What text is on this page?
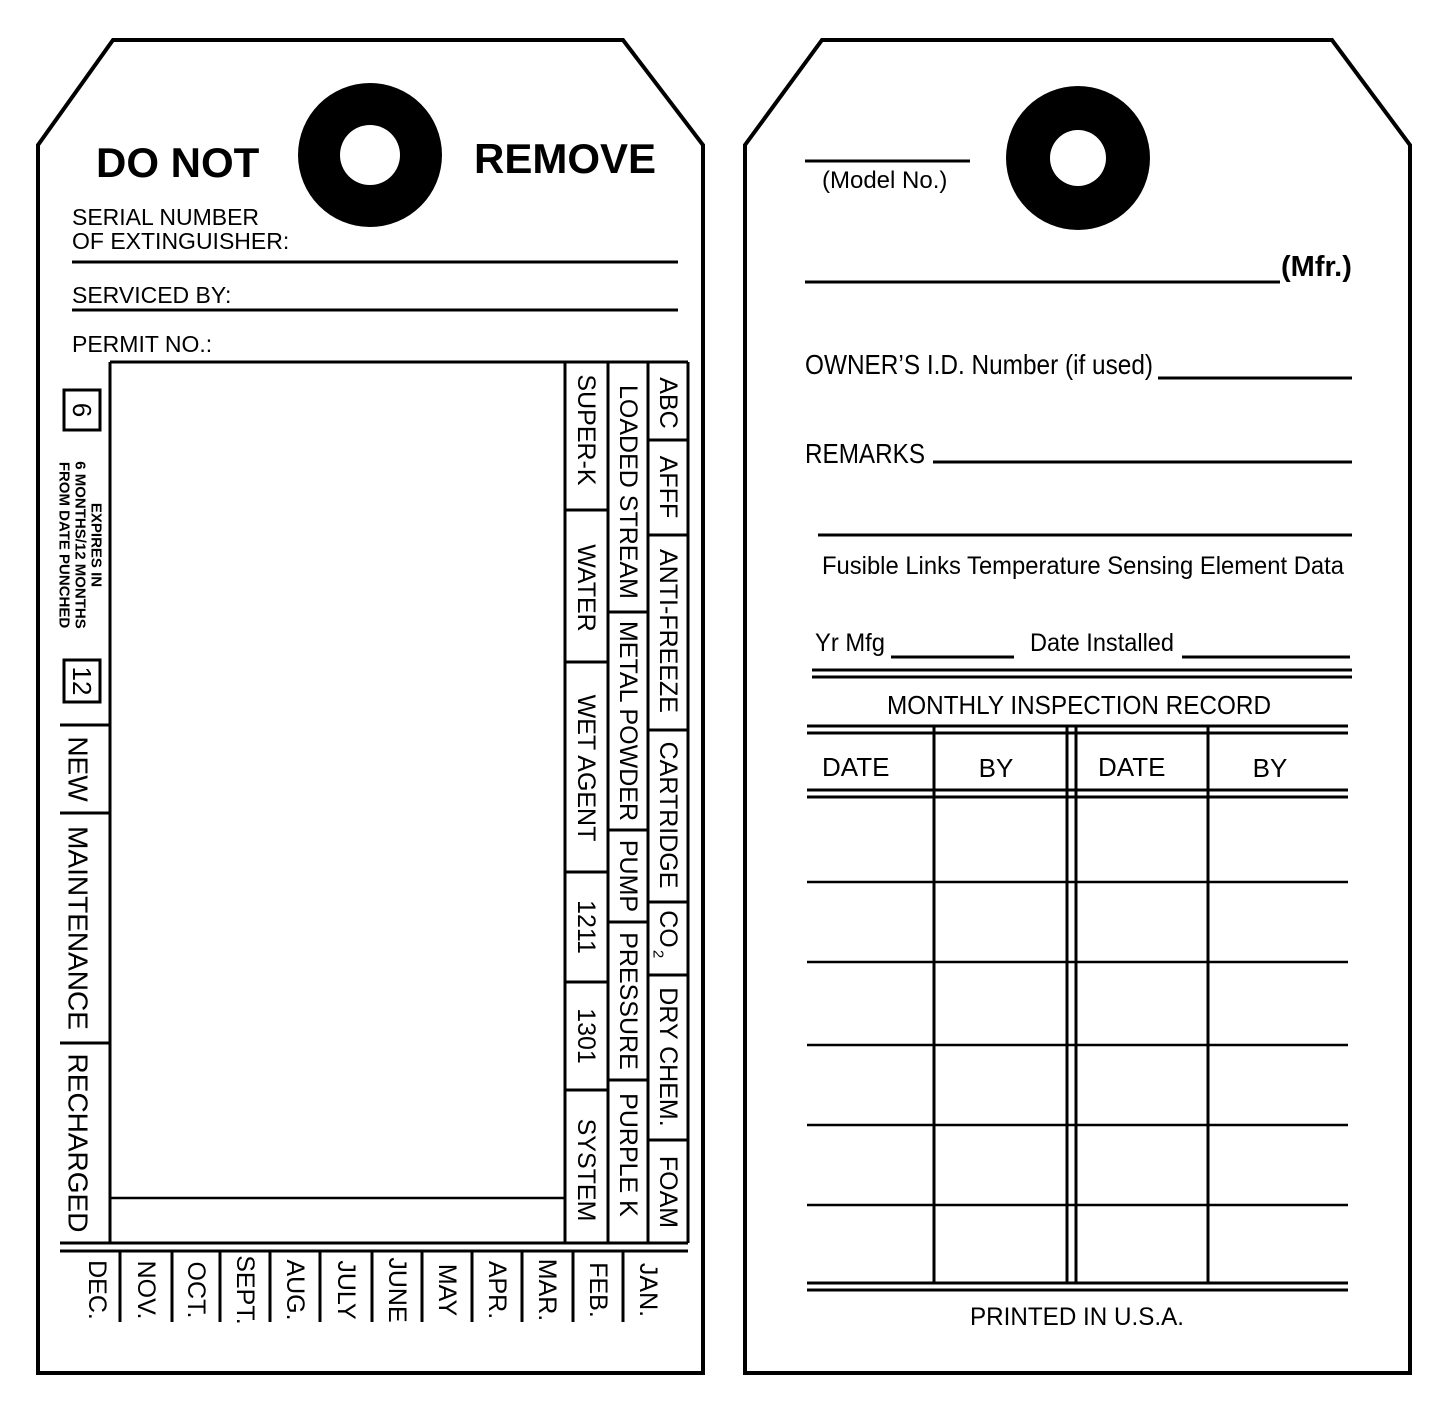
DO NOT	REMOVE
SERIAL NUMBER
OF EXTINGUISHER:
SERVICED BY:
PERMIT NO.:
6
12
EXPIRES IN
6 MONTHS/12 MONTHS
FROM DATE PUNCHED
NEW
MAINTENANCE
RECHARGED
SUPER-K
WATER
WET AGENT
1211
1301
SYSTEM
LOADED STREAM
METAL POWDER
PUMP
PRESSURE
PURPLE K
ABC
AFFF
ANTI-FREEZE
CARTRIDGE
CO
2
DRY CHEM.
FOAM
DEC. NOV. OCT. SEPT. AUG. JULY JUNE MAY APR. MAR. FEB. JAN.
(Model No.)
(Mfr.)
OWNER’S I.D. Number (if used)
REMARKS
Fusible Links Temperature Sensing Element Data
Yr Mfg	Date Installed
MONTHLY INSPECTION RECORD
DATE	BY	DATE	BY
PRINTED IN U.S.A.
